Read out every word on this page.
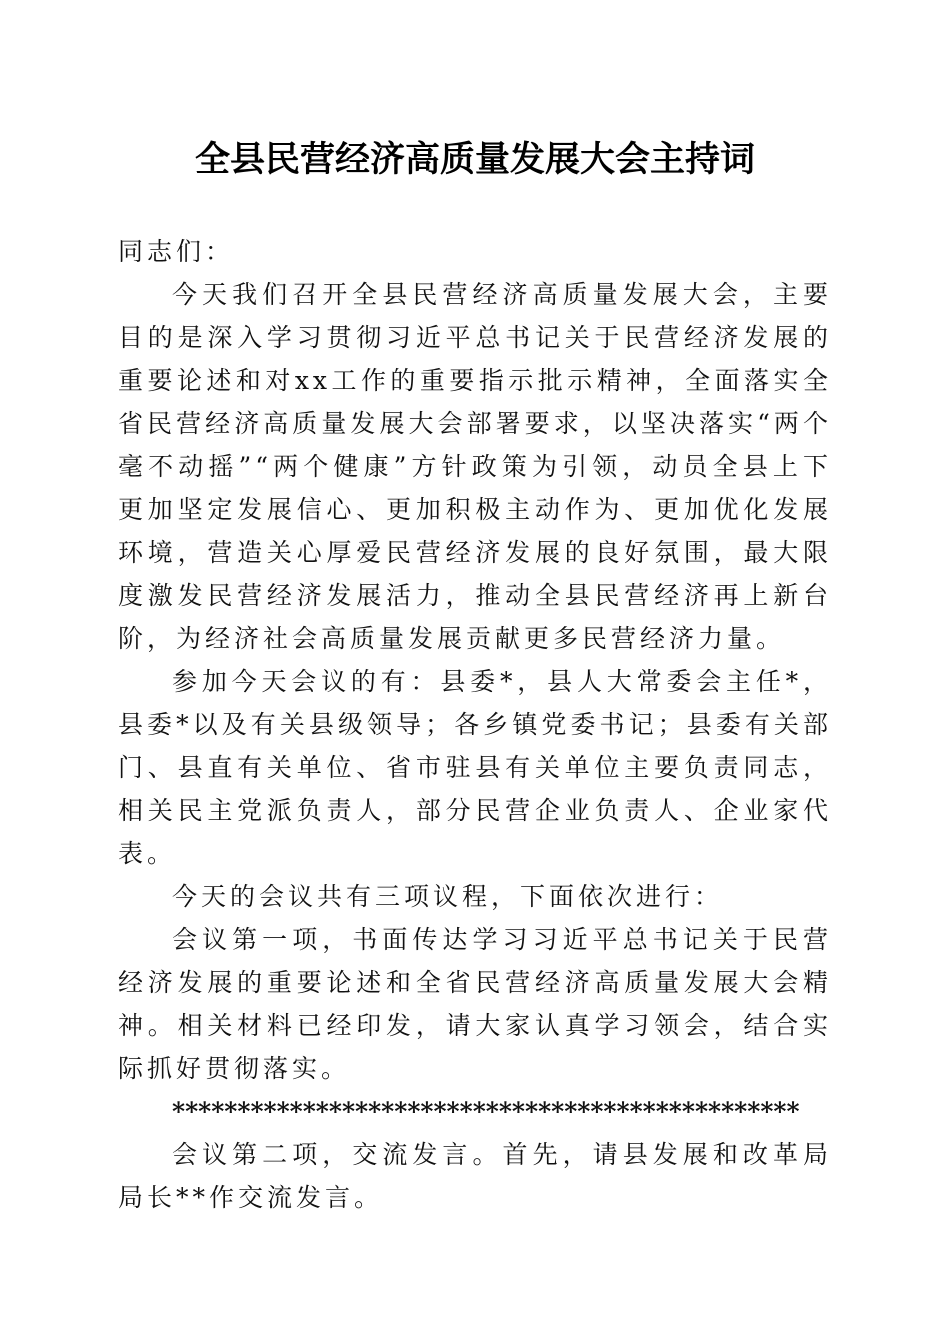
全县民营经济高质量发展大会主持词

同志们：

今天我们召开全县民营经济高质量发展大会，主要目的是深入学习贯彻习近平总书记关于民营经济发展的重要论述和对xx工作的重要指示批示精神，全面落实全省民营经济高质量发展大会部署要求，以坚决落实“两个毫不动摇”“两个健康”方针政策为引领，动员全县上下更加坚定发展信心、更加积极主动作为、更加优化发展环境，营造关心厚爱民营经济发展的良好氛围，最大限度激发民营经济发展活力，推动全县民营经济再上新台阶，为经济社会高质量发展贡献更多民营经济力量。

参加今天会议的有：县委*，县人大常委会主任*，县委*以及有关县级领导；各乡镇党委书记；县委有关部门、县直有关单位、省市驻县有关单位主要负责同志，相关民主党派负责人，部分民营企业负责人、企业家代表。

今天的会议共有三项议程，下面依次进行：

会议第一项，书面传达学习习近平总书记关于民营经济发展的重要论述和全省民营经济高质量发展大会精神。相关材料已经印发，请大家认真学习领会，结合实际抓好贯彻落实。

************************************************

会议第二项，交流发言。首先，请县发展和改革局局长**作交流发言。
